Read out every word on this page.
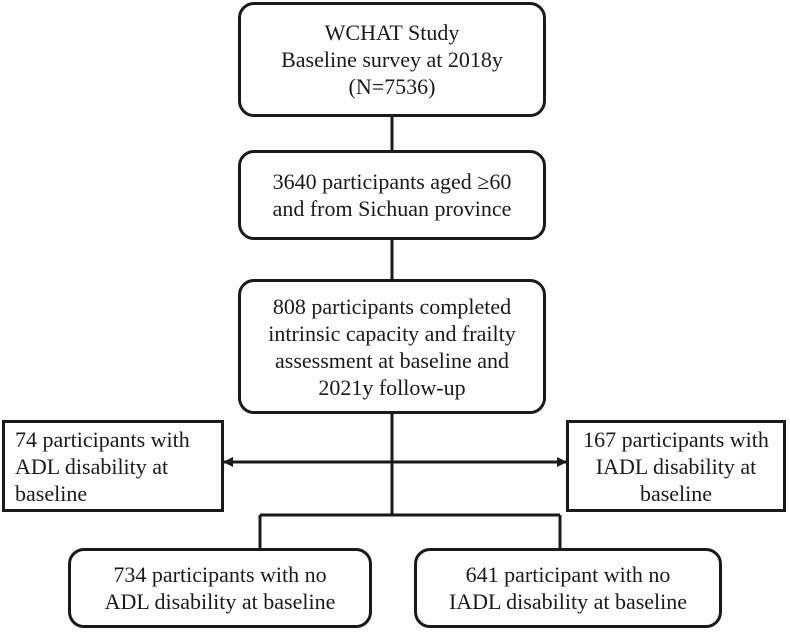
WCHAT Study
Baseline survey at 2018y
(N=7536)
3640 participants aged ≥60
and from Sichuan province
808 participants completed
intrinsic capacity and frailty
assessment at baseline and
2021y follow-up
74 participants with
ADL disability at
baseline
167 participants with
IADL disability at
baseline
734 participants with no
ADL disability at baseline
641 participant with no
IADL disability at baseline
